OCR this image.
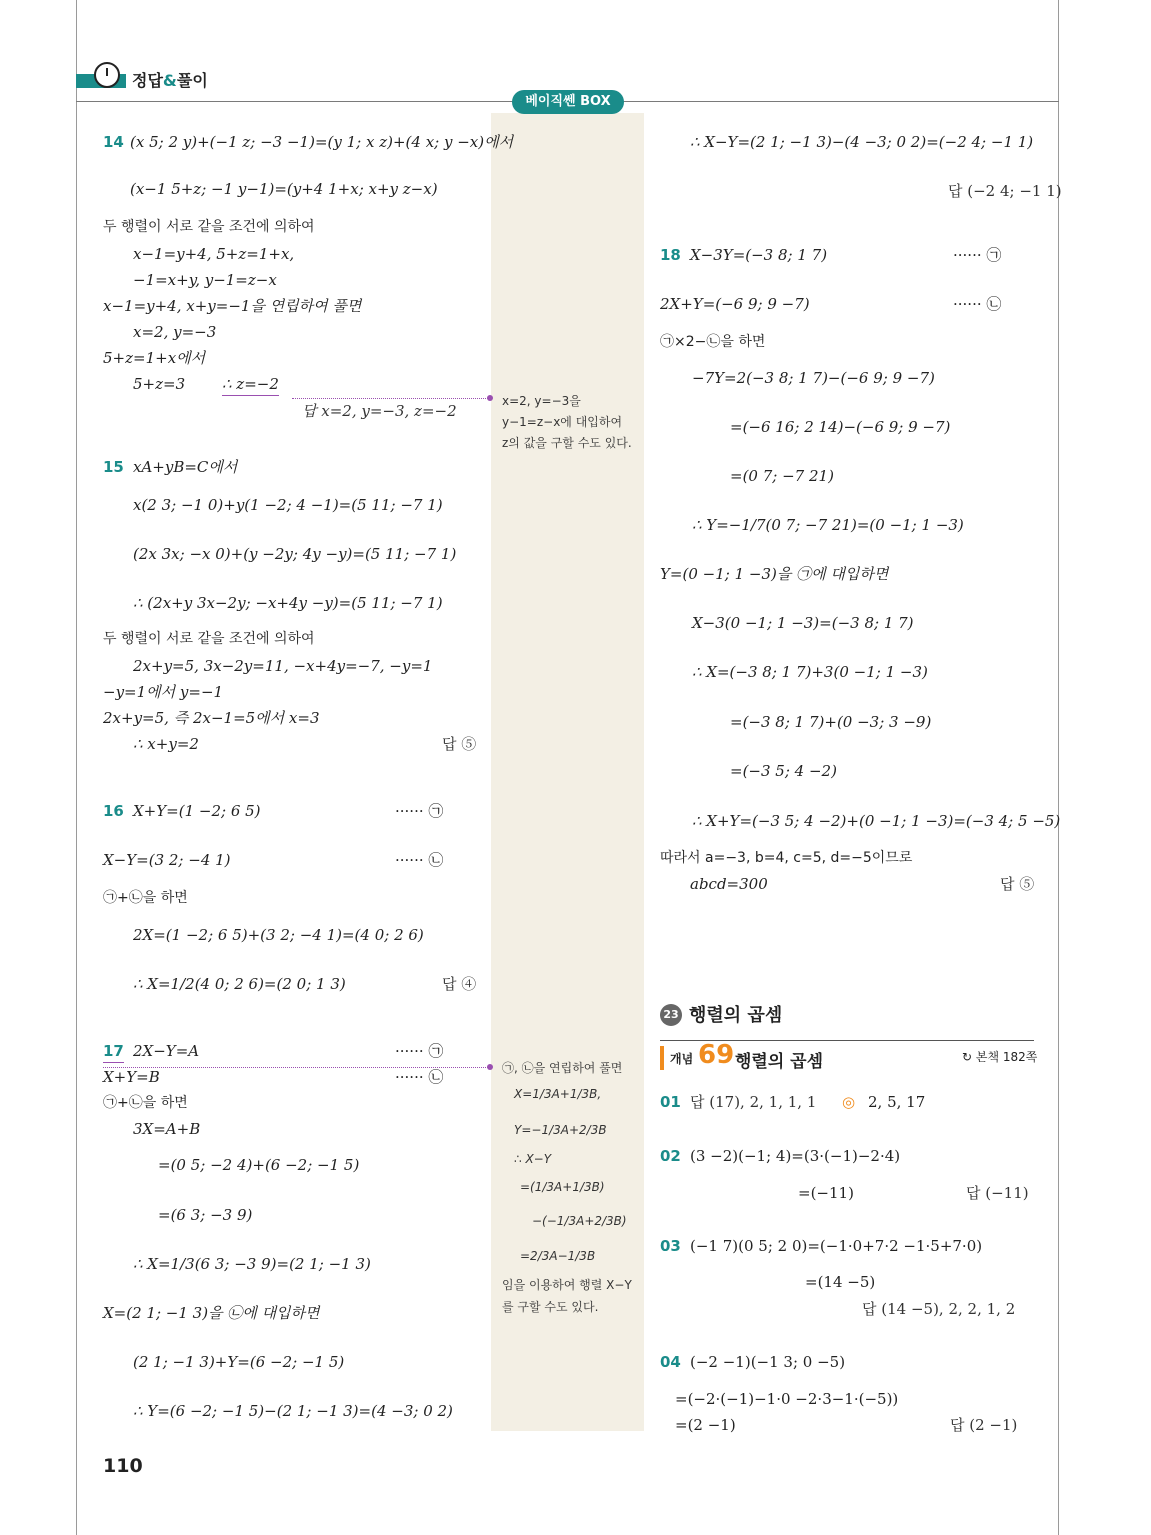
정답&풀이
베이직쎈 BOX
14 (x 5; 2 y)+(−1 z; −3 −1)=(y 1; x z)+(4 x; y −x)에서
(x−1 5+z; −1 y−1)=(y+4 1+x; x+y z−x)
두 행렬이 서로 같을 조건에 의하여
x−1=y+4, 5+z=1+x,
−1=x+y, y−1=z−x
x−1=y+4, x+y=−1을 연립하여 풀면
x=2, y=−3
5+z=1+x에서
5+z=3 ∴ z=−2
답 x=2, y=−3, z=−2
x=2, y=−3을
y−1=z−x에 대입하여
z의 값을 구할 수도 있다.
15 xA+yB=C에서
x(2 3; −1 0)+y(1 −2; 4 −1)=(5 11; −7 1)
(2x 3x; −x 0)+(y −2y; 4y −y)=(5 11; −7 1)
∴ (2x+y 3x−2y; −x+4y −y)=(5 11; −7 1)
두 행렬이 서로 같을 조건에 의하여
2x+y=5, 3x−2y=11, −x+4y=−7, −y=1
−y=1에서 y=−1
2x+y=5, 즉 2x−1=5에서 x=3
∴ x+y=2	답 ⑤
16 X+Y=(1 −2; 6 5)	······ ㉠
X−Y=(3 2; −4 1)	······ ㉡
㉠+㉡을 하면
2X=(1 −2; 6 5)+(3 2; −4 1)=(4 0; 2 6)
∴ X=1/2(4 0; 2 6)=(2 0; 1 3)	답 ④
17 2X−Y=A	······ ㉠
X+Y=B	······ ㉡
㉠+㉡을 하면
3X=A+B
=(0 5; −2 4)+(6 −2; −1 5)
=(6 3; −3 9)
∴ X=1/3(6 3; −3 9)=(2 1; −1 3)
X=(2 1; −1 3)을 ㉡에 대입하면
(2 1; −1 3)+Y=(6 −2; −1 5)
∴ Y=(6 −2; −1 5)−(2 1; −1 3)=(4 −3; 0 2)
㉠, ㉡을 연립하여 풀면
X=1/3A+1/3B,
Y=−1/3A+2/3B
∴ X−Y
=(1/3A+1/3B)
−(−1/3A+2/3B)
=2/3A−1/3B
임을 이용하여 행렬 X−Y
를 구할 수도 있다.
∴ X−Y=(2 1; −1 3)−(4 −3; 0 2)=(−2 4; −1 1)
답 (−2 4; −1 1)
18 X−3Y=(−3 8; 1 7)	······ ㉠
2X+Y=(−6 9; 9 −7)	······ ㉡
㉠×2−㉡을 하면
−7Y=2(−3 8; 1 7)−(−6 9; 9 −7)
=(−6 16; 2 14)−(−6 9; 9 −7)
=(0 7; −7 21)
∴ Y=−1/7(0 7; −7 21)=(0 −1; 1 −3)
Y=(0 −1; 1 −3)을 ㉠에 대입하면
X−3(0 −1; 1 −3)=(−3 8; 1 7)
∴ X=(−3 8; 1 7)+3(0 −1; 1 −3)
=(−3 8; 1 7)+(0 −3; 3 −9)
=(−3 5; 4 −2)
∴ X+Y=(−3 5; 4 −2)+(0 −1; 1 −3)=(−3 4; 5 −5)
따라서 a=−3, b=4, c=5, d=−5이므로
abcd=300	답 ⑤
23 행렬의 곱셈
개념 69 행렬의 곱셈
↻	본책 182쪽
01 답 (17), 2, 1, 1, 1 ◎ 2, 5, 17
02 (3 −2)(−1; 4)=(3·(−1)−2·4)
=(−11)	답 (−11)
03 (−1 7)(0 5; 2 0)=(−1·0+7·2 −1·5+7·0)
=(14 −5)
답 (14 −5), 2, 2, 1, 2
04 (−2 −1)(−1 3; 0 −5)
=(−2·(−1)−1·0 −2·3−1·(−5))
=(2 −1)	답 (2 −1)
110
